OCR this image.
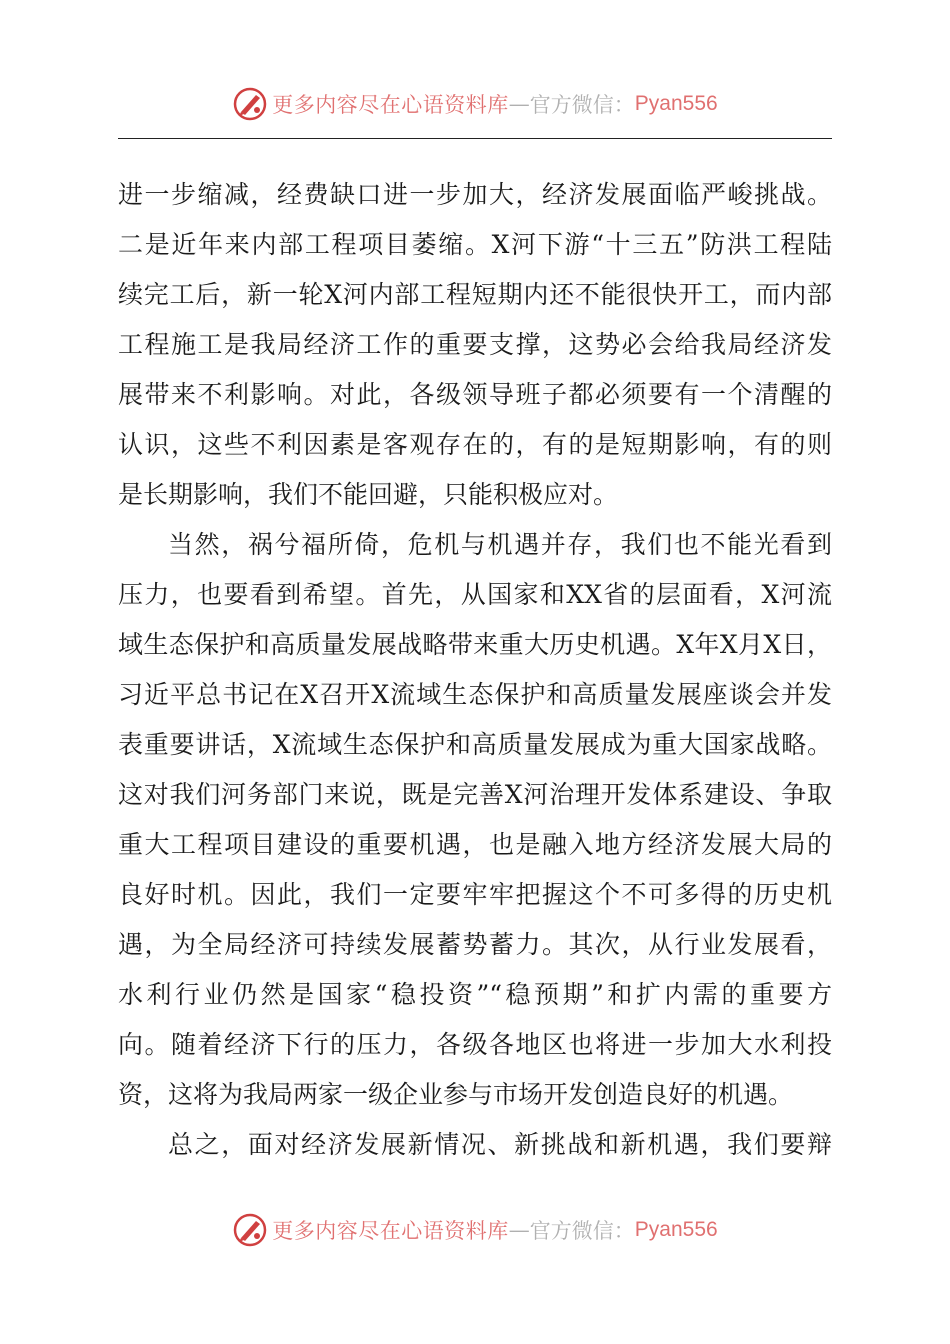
更多内容尽在心语资料库 — 官方微信： Pyan556
进一步缩减，经费缺口进一步加大，经济发展面临严峻挑战。
二是近年来内部工程项目萎缩。X河下游“十三五”防洪工程陆
续完工后，新一轮X河内部工程短期内还不能很快开工，而内部
工程施工是我局经济工作的重要支撑，这势必会给我局经济发
展带来不利影响。对此，各级领导班子都必须要有一个清醒的
认识，这些不利因素是客观存在的，有的是短期影响，有的则
是长期影响，我们不能回避，只能积极应对。
当然，祸兮福所倚，危机与机遇并存，我们也不能光看到
压力，也要看到希望。首先，从国家和XX省的层面看，X河流
域生态保护和高质量发展战略带来重大历史机遇。X年X月X日，
习近平总书记在X召开X流域生态保护和高质量发展座谈会并发
表重要讲话，X流域生态保护和高质量发展成为重大国家战略。
这对我们河务部门来说，既是完善X河治理开发体系建设、争取
重大工程项目建设的重要机遇，也是融入地方经济发展大局的
良好时机。因此，我们一定要牢牢把握这个不可多得的历史机
遇，为全局经济可持续发展蓄势蓄力。其次，从行业发展看，
水利行业仍然是国家“稳投资”“稳预期”和扩内需的重要方
向。随着经济下行的压力，各级各地区也将进一步加大水利投
资，这将为我局两家一级企业参与市场开发创造良好的机遇。
总之，面对经济发展新情况、新挑战和新机遇，我们要辩
更多内容尽在心语资料库 — 官方微信： Pyan556
